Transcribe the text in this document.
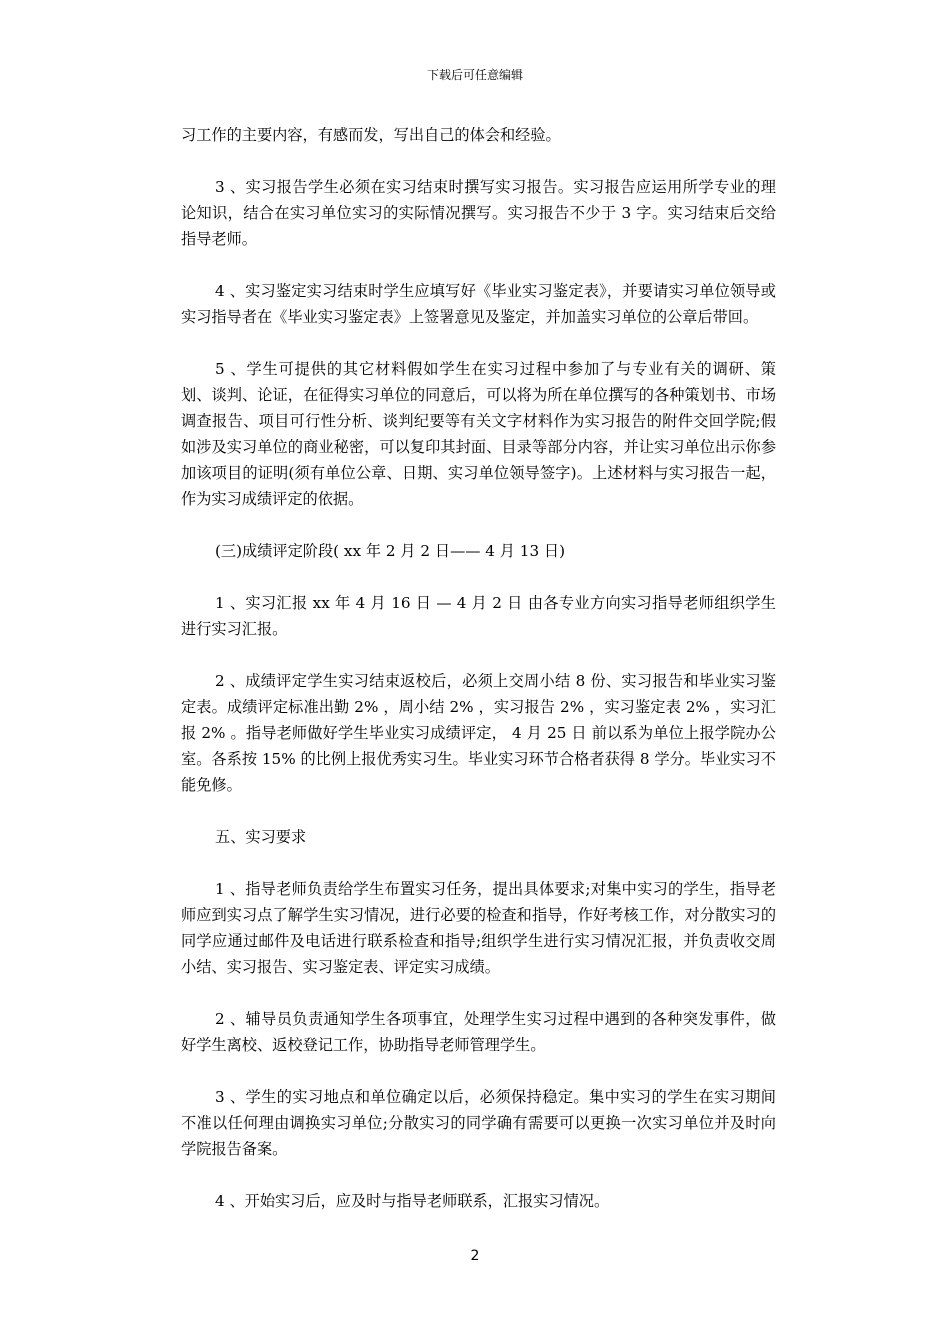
下载后可任意编辑

习工作的主要内容，有感而发，写出自己的体会和经验。

3 、实习报告学生必须在实习结束时撰写实习报告。实习报告应运用所学专业的理论知识，结合在实习单位实习的实际情况撰写。实习报告不少于 3 字。实习结束后交给指导老师。

4 、实习鉴定实习结束时学生应填写好《毕业实习鉴定表》，并要请实习单位领导或实习指导者在《毕业实习鉴定表》上签署意见及鉴定，并加盖实习单位的公章后带回。

5 、学生可提供的其它材料假如学生在实习过程中参加了与专业有关的调研、策划、谈判、论证，在征得实习单位的同意后，可以将为所在单位撰写的各种策划书、市场调查报告、项目可行性分析、谈判纪要等有关文字材料作为实习报告的附件交回学院;假如涉及实习单位的商业秘密，可以复印其封面、目录等部分内容，并让实习单位出示你参加该项目的证明(须有单位公章、日期、实习单位领导签字)。上述材料与实习报告一起，作为实习成绩评定的依据。

(三)成绩评定阶段( xx 年 2 月 2 日—— 4 月 13 日)

1 、实习汇报 xx 年 4 月 16 日 — 4 月 2 日 由各专业方向实习指导老师组织学生进行实习汇报。

2 、成绩评定学生实习结束返校后，必须上交周小结 8 份、实习报告和毕业实习鉴定表。成绩评定标准出勤 2% ，周小结 2% ，实习报告 2% ，实习鉴定表 2% ，实习汇报 2% 。指导老师做好学生毕业实习成绩评定， 4 月 25 日 前以系为单位上报学院办公室。各系按 15% 的比例上报优秀实习生。毕业实习环节合格者获得 8 学分。毕业实习不能免修。

五、实习要求

1 、指导老师负责给学生布置实习任务，提出具体要求;对集中实习的学生，指导老师应到实习点了解学生实习情况，进行必要的检查和指导，作好考核工作，对分散实习的同学应通过邮件及电话进行联系检查和指导;组织学生进行实习情况汇报，并负责收交周小结、实习报告、实习鉴定表、评定实习成绩。

2 、辅导员负责通知学生各项事宜，处理学生实习过程中遇到的各种突发事件，做好学生离校、返校登记工作，协助指导老师管理学生。

3 、学生的实习地点和单位确定以后，必须保持稳定。集中实习的学生在实习期间不准以任何理由调换实习单位;分散实习的同学确有需要可以更换一次实习单位并及时向学院报告备案。

4 、开始实习后，应及时与指导老师联系，汇报实习情况。

2
